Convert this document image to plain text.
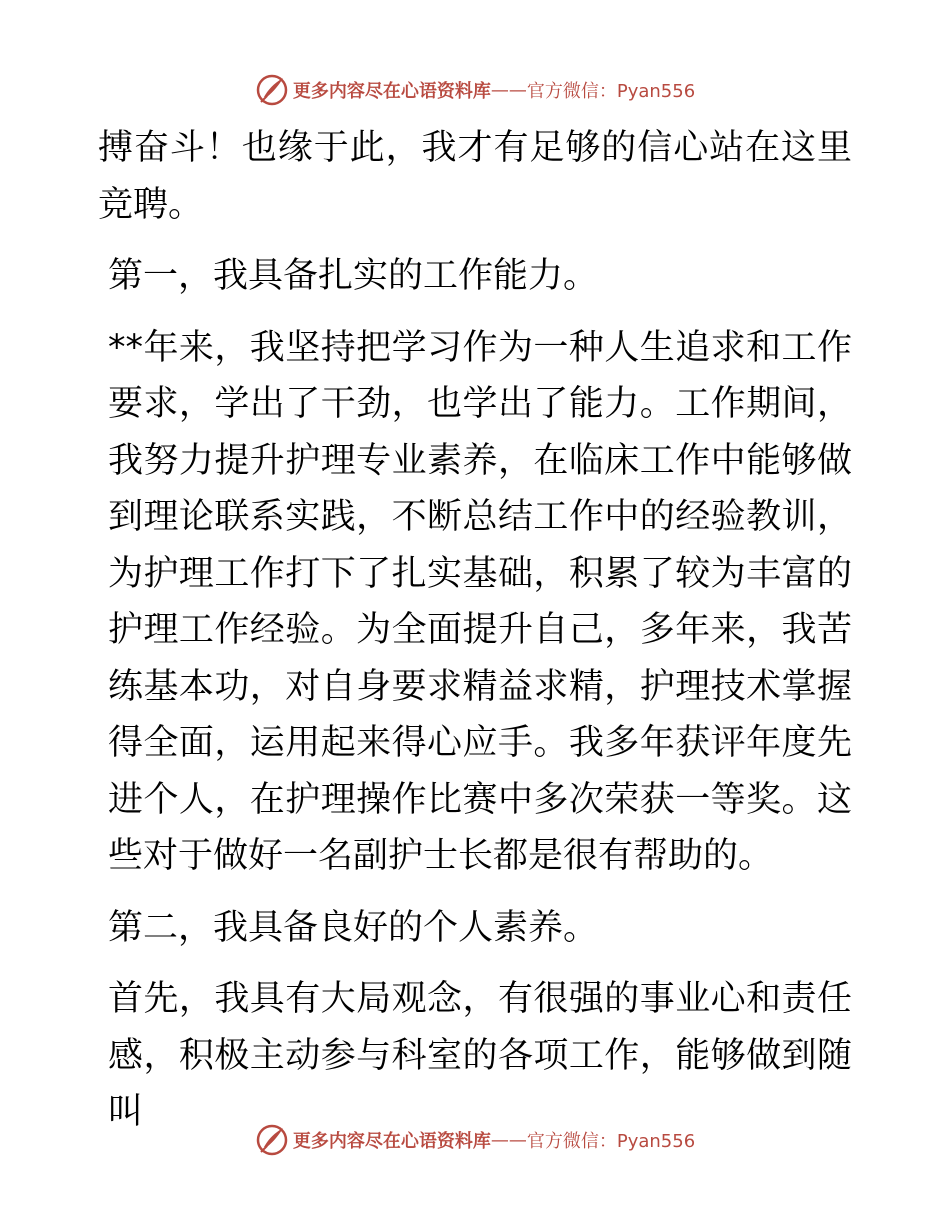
更多内容尽在心语资料库 —— 官方微信：Pyan556

搏奋斗！也缘于此，我才有足够的信心站在这里竞聘。

第一，我具备扎实的工作能力。

**年来，我坚持把学习作为一种人生追求和工作要求，学出了干劲，也学出了能力。工作期间，我努力提升护理专业素养，在临床工作中能够做到理论联系实践，不断总结工作中的经验教训，为护理工作打下了扎实基础，积累了较为丰富的护理工作经验。为全面提升自己，多年来，我苦练基本功，对自身要求精益求精，护理技术掌握得全面，运用起来得心应手。我多年获评年度先进个人，在护理操作比赛中多次荣获一等奖。这些对于做好一名副护士长都是很有帮助的。

第二，我具备良好的个人素养。

首先，我具有大局观念，有很强的事业心和责任感，积极主动参与科室的各项工作，能够做到随叫

更多内容尽在心语资料库 —— 官方微信：Pyan556
